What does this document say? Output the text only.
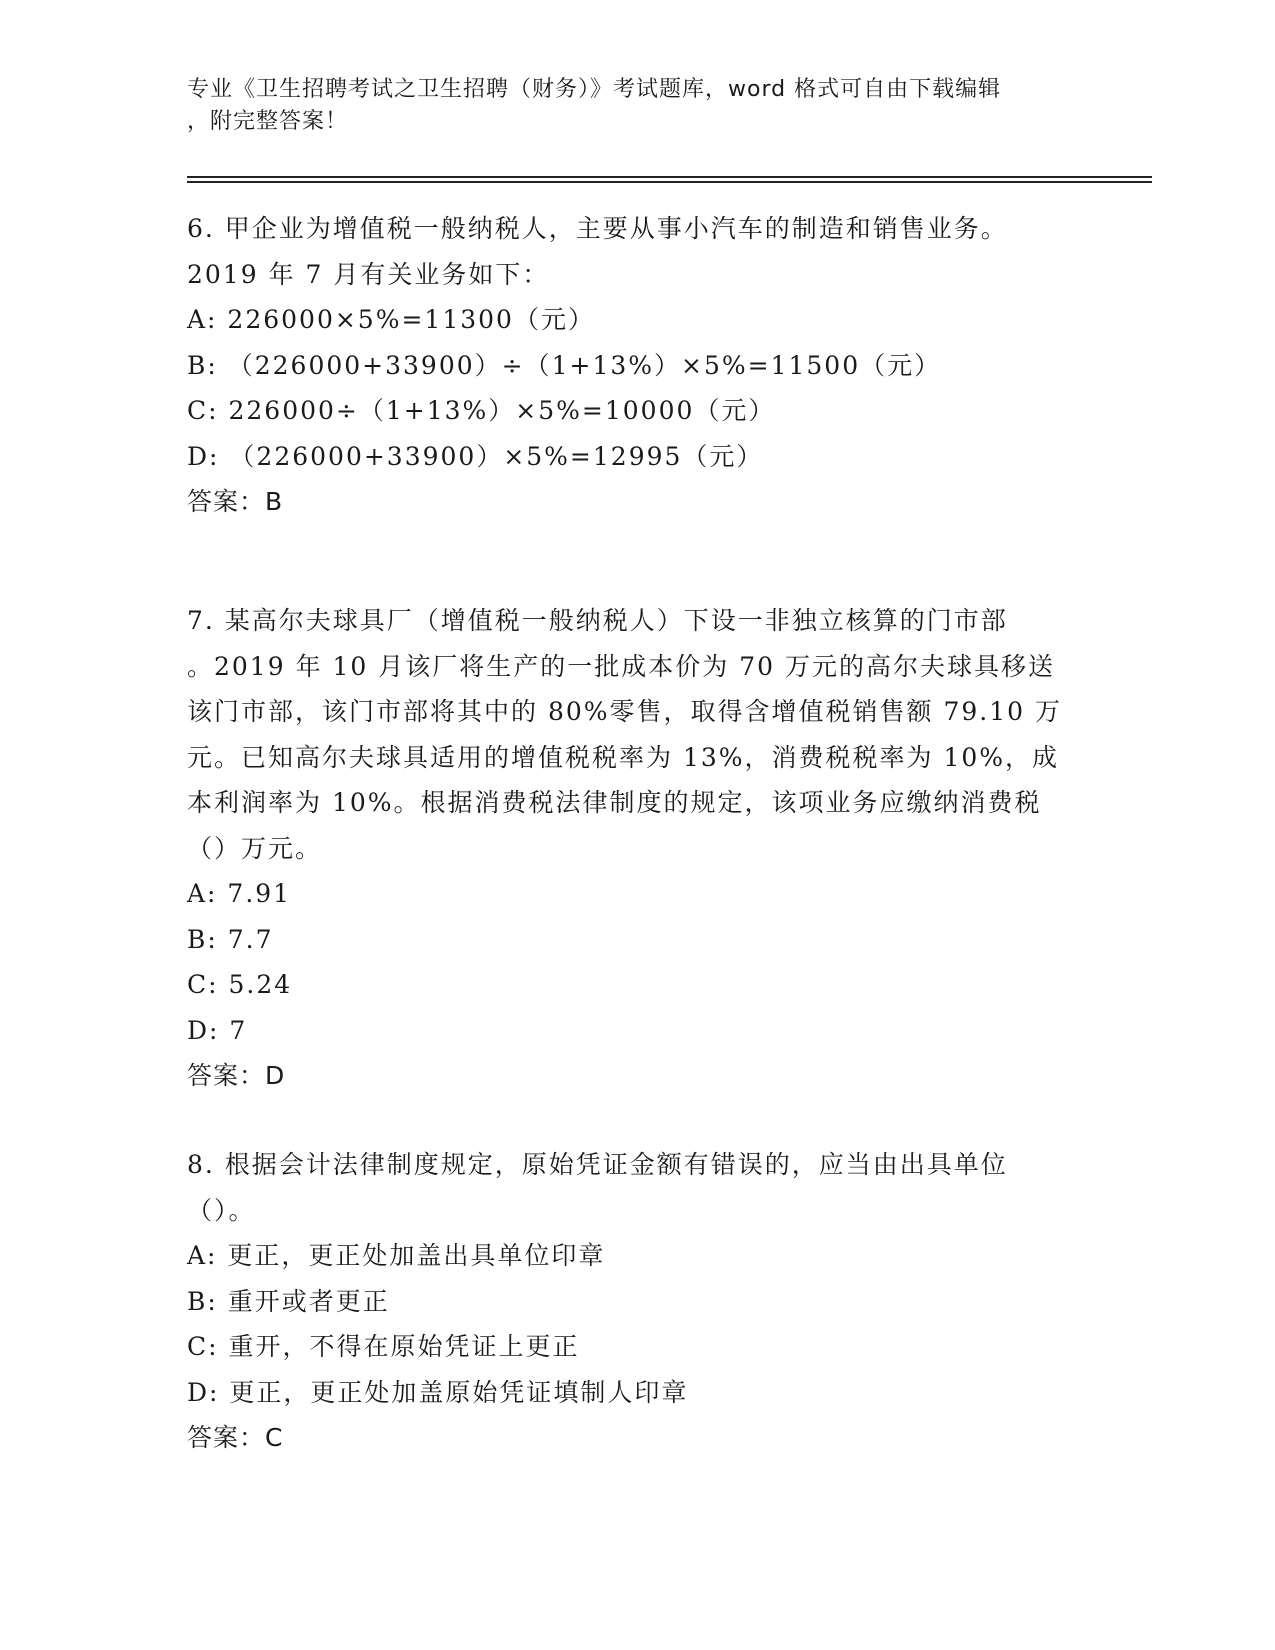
专业《卫生招聘考试之卫生招聘（财务）》考试题库，word 格式可自由下载编辑
，附完整答案！
6. 甲企业为增值税一般纳税人，主要从事小汽车的制造和销售业务。
2019 年 7 月有关业务如下：
A: 226000×5%=11300（元）
B: （226000+33900）÷（1+13%）×5%=11500（元）
C: 226000÷（1+13%）×5%=10000（元）
D: （226000+33900）×5%=12995（元）
答案：B
7. 某高尔夫球具厂（增值税一般纳税人）下设一非独立核算的门市部
。2019 年 10 月该厂将生产的一批成本价为 70 万元的高尔夫球具移送
该门市部，该门市部将其中的 80%零售，取得含增值税销售额 79.10 万
元。已知高尔夫球具适用的增值税税率为 13%，消费税税率为 10%，成
本利润率为 10%。根据消费税法律制度的规定，该项业务应缴纳消费税
（）万元。
A: 7.91
B: 7.7
C: 5.24
D: 7
答案：D
8. 根据会计法律制度规定，原始凭证金额有错误的，应当由出具单位
（）。
A: 更正，更正处加盖出具单位印章
B: 重开或者更正
C: 重开，不得在原始凭证上更正
D: 更正，更正处加盖原始凭证填制人印章
答案：C
